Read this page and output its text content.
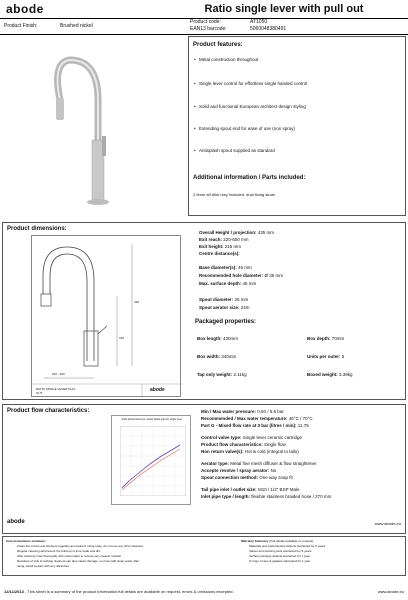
abode	Ratio single lever with pull out
Product Finish:	Brushed nickel
Product code:	AT1050
EAN13 barcode:	5060048380491
Product features:
• Metal construction throughout
• Single lever control for effortless single handed control
• Solid and functional European architect design styling
• Extending spout end for ease of use (non spray)
• Antisplash spout supplied as standard
Additional information / Parts included:
2.5mm a/f Allen key included, dual fixing studs
Product dimensions:
435
315
220 - 600
RATIO SINGLE LEVER PULL OUT	abode
Overall Height / projection: 435 mm
Exit reach: 220-600 mm
Exit height: 215 mm
Centre distance(s):
Base diameter(s): 45 mm
Recommended hole diameter: Ø 35 mm
Max. surface depth: 45 mm
Spout diameter: 26 mm
Spout aerator size: 24m
Packaged properties:
Box length: 430mm	Box depth: 70mm
Box width: 340mm	Units per outer: 5
Tap only weight: 2.11kg	Boxed weight: 3.39kg
Product flow characteristics:
Flow performance for model: Ratio pull out single lever
Min / Max water pressure: 0.50 / 5.5 bar
Recommended / Max water temperature: 46°C / 70°C
Part G - Mixed flow rate at 3 bar (litres / min): 11.75
Control valve type: Single lever ceramic cartridge
Product flow characteristics: Single flow
Non return valve(s): Hot & cold (integral to tails)
Aerator type: Metal fine mesh diffuser & flow straightener
Accepts revolve / spray aerator: No
Spout connection method: One way snap fit
Tail pipe inlet / outlet size: M10 / 1/2" BSP Male
Inlet pipe type / length: flexible stainless braided hose / 270 mm
abode	www.abode.eu
Care instructions summary:
Clean the mixers and showers regularly as required, using soap, do not use any other cleaners.
Regular cleaning will prevent the build up of lime scale and dirt.
After cleaning rinse thoroughly with clean water to remove any cleaner residue
Residues of sink & worktop cleaners can also cause damage, so rinse with clean water after
using, avoid contact with any abrasives
Warranty Summary (Full details available on request)
Materials and workmanship defects warranted for 5 years
Valves and working parts warranted for 5 years
Surface warranty defects warranted for 1 year
O-rings, hoses & gaskets warranted for 1 year
12/11/2013 - This sheet is a summary of the product information full details are available on request, errors & omissions excepted.	www.abode.eu
